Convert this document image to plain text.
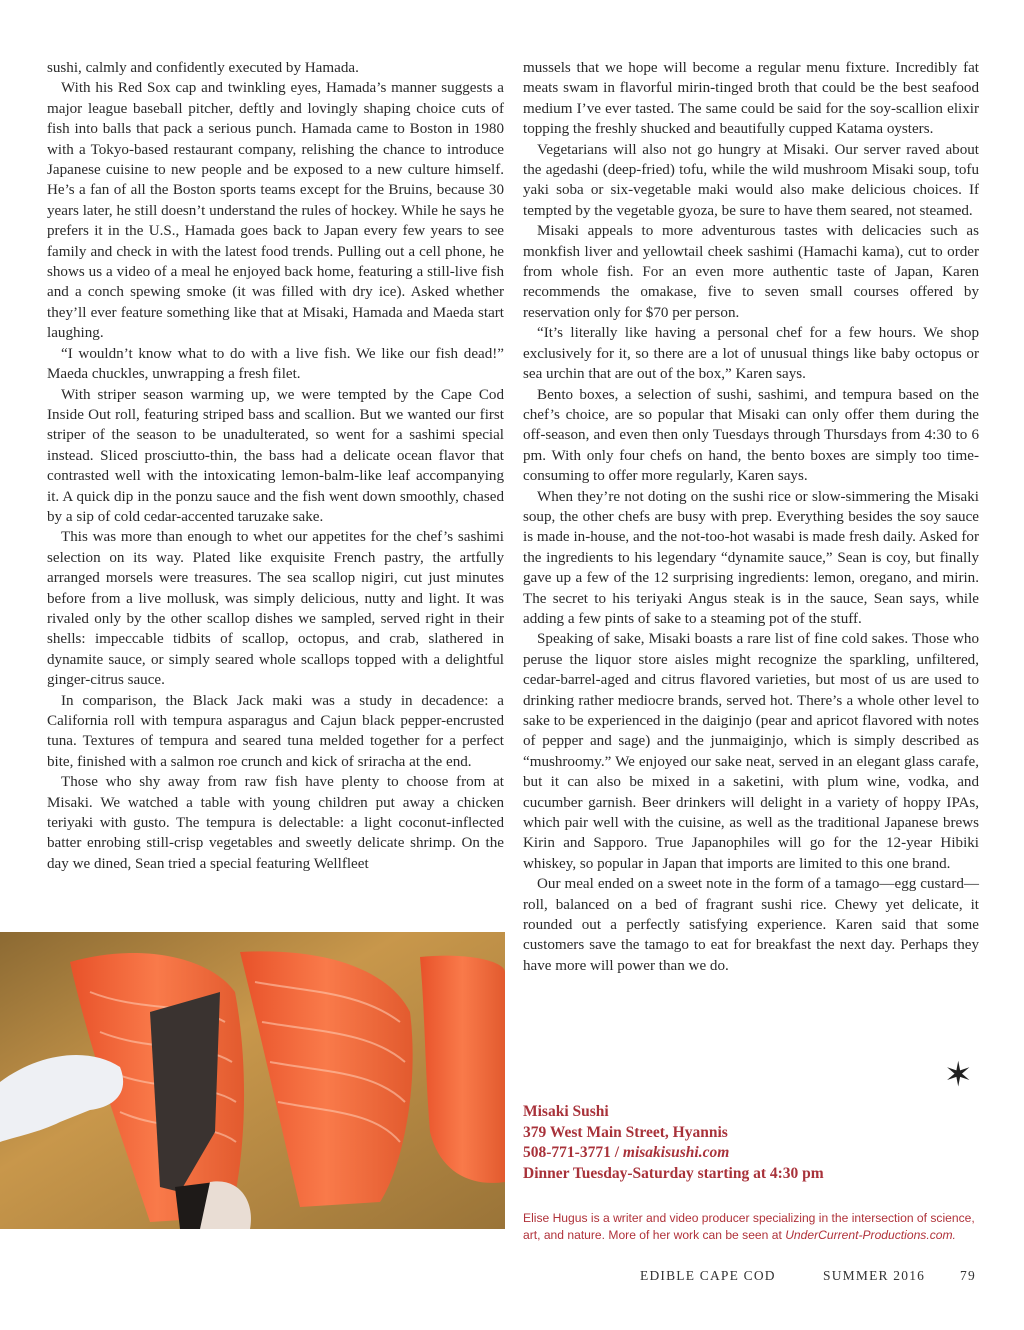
sushi, calmly and confidently executed by Hamada.

With his Red Sox cap and twinkling eyes, Hamada’s manner suggests a major league baseball pitcher, deftly and lovingly shaping choice cuts of fish into balls that pack a serious punch. Hamada came to Boston in 1980 with a Tokyo-based restaurant company, relishing the chance to introduce Japanese cuisine to new people and be exposed to a new culture himself. He’s a fan of all the Boston sports teams except for the Bruins, because 30 years later, he still doesn’t understand the rules of hockey. While he says he prefers it in the U.S., Hamada goes back to Japan every few years to see family and check in with the latest food trends. Pulling out a cell phone, he shows us a video of a meal he enjoyed back home, featuring a still-live fish and a conch spewing smoke (it was filled with dry ice). Asked whether they’ll ever feature something like that at Misaki, Hamada and Maeda start laughing.

“I wouldn’t know what to do with a live fish. We like our fish dead!” Maeda chuckles, unwrapping a fresh filet.

With striper season warming up, we were tempted by the Cape Cod Inside Out roll, featuring striped bass and scallion. But we wanted our first striper of the season to be unadulterated, so went for a sashimi special instead. Sliced prosciutto-thin, the bass had a delicate ocean flavor that contrasted well with the intoxicating lemon-balm-like leaf accompanying it. A quick dip in the ponzu sauce and the fish went down smoothly, chased by a sip of cold cedar-accented taruzake sake.

This was more than enough to whet our appetites for the chef’s sashimi selection on its way. Plated like exquisite French pastry, the artfully arranged morsels were treasures. The sea scallop nigiri, cut just minutes before from a live mollusk, was simply delicious, nutty and light. It was rivaled only by the other scallop dishes we sampled, served right in their shells: impeccable tidbits of scallop, octopus, and crab, slathered in dynamite sauce, or simply seared whole scallops topped with a delightful ginger-citrus sauce.

In comparison, the Black Jack maki was a study in decadence: a California roll with tempura asparagus and Cajun black pepper-encrusted tuna. Textures of tempura and seared tuna melded together for a perfect bite, finished with a salmon roe crunch and kick of sriracha at the end.

Those who shy away from raw fish have plenty to choose from at Misaki. We watched a table with young children put away a chicken teriyaki with gusto. The tempura is delectable: a light coconut-inflected batter enrobing still-crisp vegetables and sweetly delicate shrimp. On the day we dined, Sean tried a special featuring Wellfleet

mussels that we hope will become a regular menu fixture. Incredibly fat meats swam in flavorful mirin-tinged broth that could be the best seafood medium I’ve ever tasted. The same could be said for the soy-scallion elixir topping the freshly shucked and beautifully cupped Katama oysters.

Vegetarians will also not go hungry at Misaki. Our server raved about the agedashi (deep-fried) tofu, while the wild mushroom Misaki soup, tofu yaki soba or six-vegetable maki would also make delicious choices. If tempted by the vegetable gyoza, be sure to have them seared, not steamed.

Misaki appeals to more adventurous tastes with delicacies such as monkfish liver and yellowtail cheek sashimi (Hamachi kama), cut to order from whole fish. For an even more authentic taste of Japan, Karen recommends the omakase, five to seven small courses offered by reservation only for $70 per person.

“It’s literally like having a personal chef for a few hours. We shop exclusively for it, so there are a lot of unusual things like baby octopus or sea urchin that are out of the box,” Karen says.

Bento boxes, a selection of sushi, sashimi, and tempura based on the chef’s choice, are so popular that Misaki can only offer them during the off-season, and even then only Tuesdays through Thursdays from 4:30 to 6 pm. With only four chefs on hand, the bento boxes are simply too time-consuming to offer more regularly, Karen says.

When they’re not doting on the sushi rice or slow-simmering the Misaki soup, the other chefs are busy with prep. Everything besides the soy sauce is made in-house, and the not-too-hot wasabi is made fresh daily. Asked for the ingredients to his legendary “dynamite sauce,” Sean is coy, but finally gave up a few of the 12 surprising ingredients: lemon, oregano, and mirin. The secret to his teriyaki Angus steak is in the sauce, Sean says, while adding a few pints of sake to a steaming pot of the stuff.

Speaking of sake, Misaki boasts a rare list of fine cold sakes. Those who peruse the liquor store aisles might recognize the sparkling, unfiltered, cedar-barrel-aged and citrus flavored varieties, but most of us are used to drinking rather mediocre brands, served hot. There’s a whole other level to sake to be experienced in the daiginjo (pear and apricot flavored with notes of pepper and sage) and the junmaiginjo, which is simply described as “mushroomy.” We enjoyed our sake neat, served in an elegant glass carafe, but it can also be mixed in a saketini, with plum wine, vodka, and cucumber garnish. Beer drinkers will delight in a variety of hoppy IPAs, which pair well with the cuisine, as well as the traditional Japanese brews Kirin and Sapporo. True Japanophiles will go for the 12-year Hibiki whiskey, so popular in Japan that imports are limited to this one brand.

Our meal ended on a sweet note in the form of a tamago—egg custard—roll, balanced on a bed of fragrant sushi rice. Chewy yet delicate, it rounded out a perfectly satisfying experience. Karen said that some customers save the tamago to eat for breakfast the next day. Perhaps they have more will power than we do.

✶
Misaki Sushi
379 West Main Street, Hyannis
508-771-3771 / misakisushi.com
Dinner Tuesday-Saturday starting at 4:30 pm
Elise Hugus is a writer and video producer specializing in the intersection of science, art, and nature. More of her work can be seen at UnderCurrent-Productions.com.
EDIBLE CAPE COD	SUMMER 2016	79
